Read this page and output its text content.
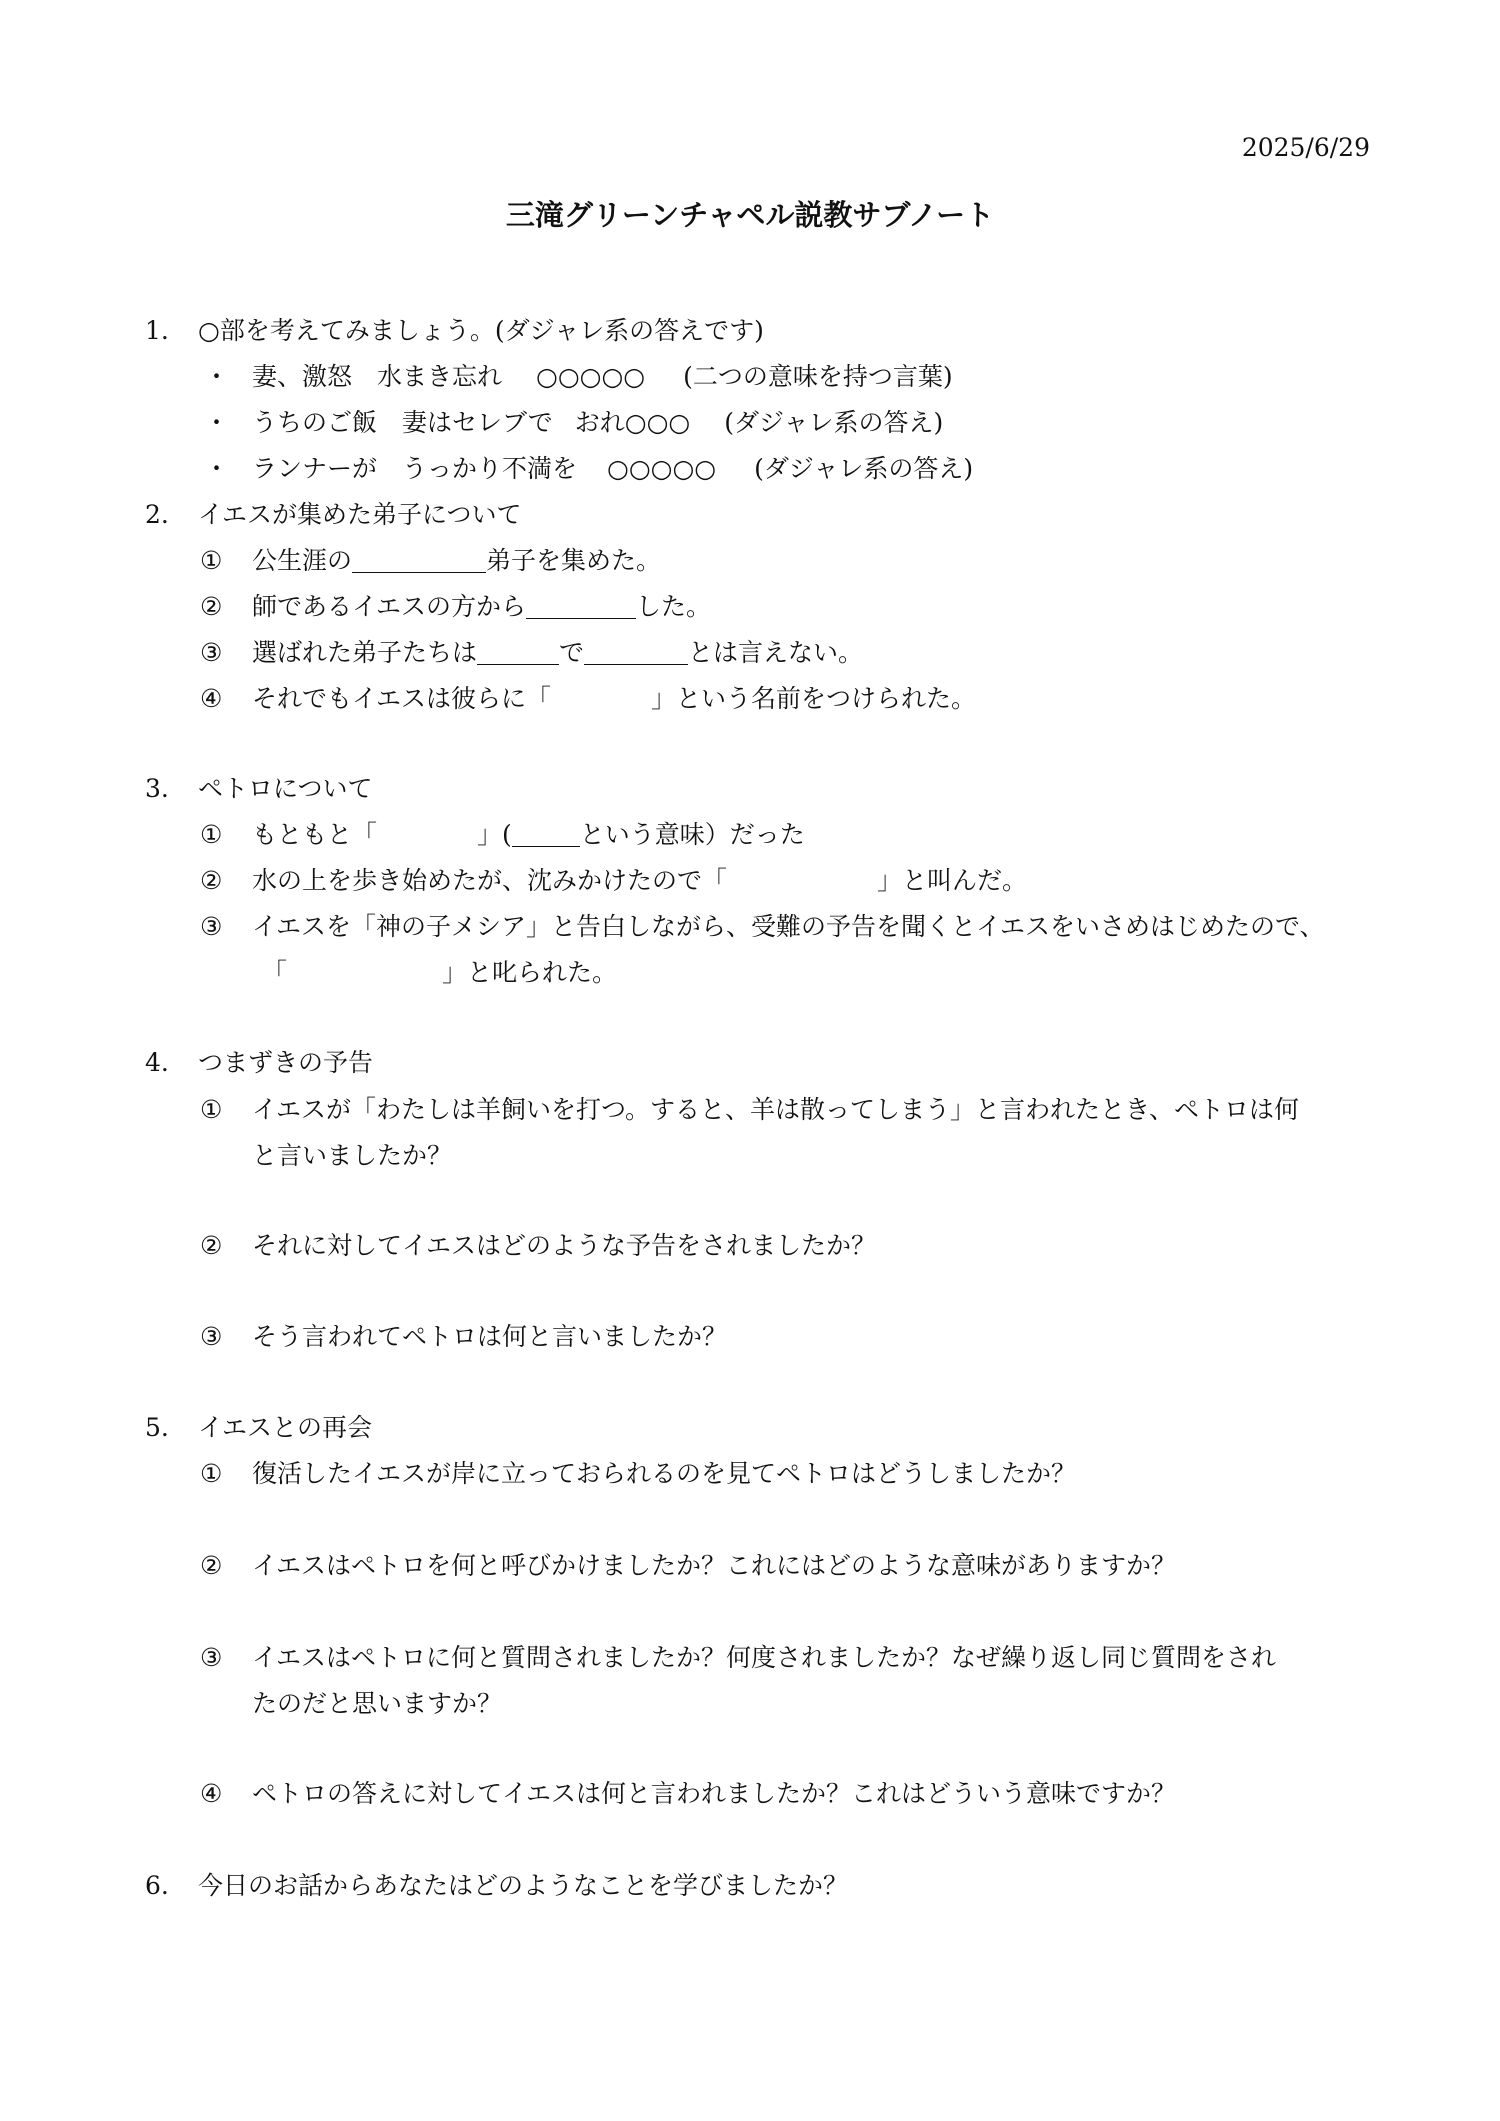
2025/6/29
三滝グリーンチャペル説教サブノート
1. ○部を考えてみましょう。(ダジャレ系の答えです)
・ 妻、激怒　水まき忘れ ○○○○○ (二つの意味を持つ言葉)
・ うちのご飯　妻はセレブで おれ○○○ (ダジャレ系の答え)
・ ランナーが　うっかり不満を ○○○○○ (ダジャレ系の答え)
2. イエスが集めた弟子について
① 公生涯の	弟子を集めた。
② 師であるイエスの方から	した。
③ 選ばれた弟子たちは	で	とは言えない。
④ それでもイエスは彼らに「	」という名前をつけられた。
3. ペトロについて
① もともと「	」(	という意味）だった
② 水の上を歩き始めたが、沈みかけたので「	」と叫んだ。
③ イエスを「神の子メシア」と告白しながら、受難の予告を聞くとイエスをいさめはじめたので、
「	」と叱られた。
4. つまずきの予告
① イエスが「わたしは羊飼いを打つ。すると、羊は散ってしまう」と言われたとき、ペトロは何
と言いましたか？
② それに対してイエスはどのような予告をされましたか？
③ そう言われてペトロは何と言いましたか？
5. イエスとの再会
① 復活したイエスが岸に立っておられるのを見てペトロはどうしましたか？
② イエスはペトロを何と呼びかけましたか？これにはどのような意味がありますか？
③ イエスはペトロに何と質問されましたか？何度されましたか？なぜ繰り返し同じ質問をされ
たのだと思いますか？
④ ペトロの答えに対してイエスは何と言われましたか？これはどういう意味ですか？
6. 今日のお話からあなたはどのようなことを学びましたか？
